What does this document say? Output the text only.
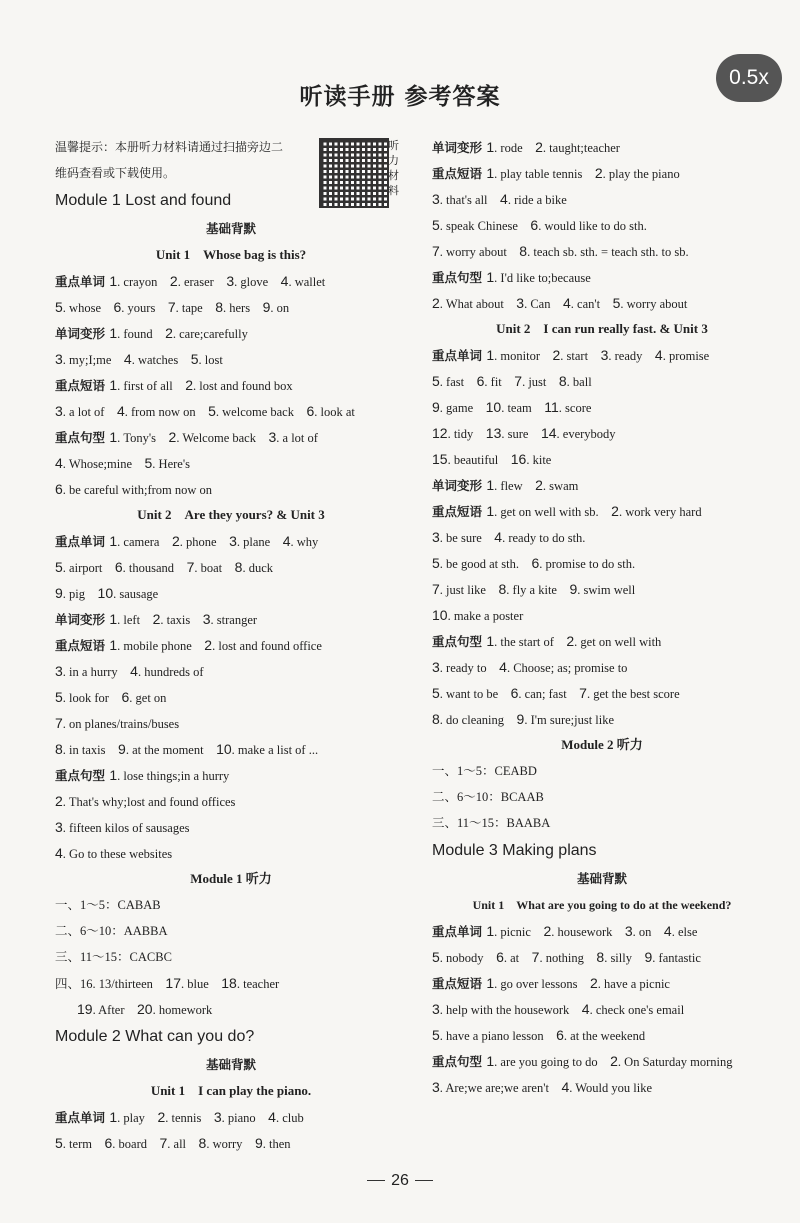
0.5x
听读手册 参考答案
听力材料
温馨提示：本册听力材料请通过扫描旁边二
维码查看或下载使用。
Module 1 Lost and found
基础背默
Unit 1　Whose bag is this?
重点单词 1. crayon　2. eraser　3. glove　4. wallet　
5. whose　6. yours　7. tape　8. hers　9. on　
单词变形 1. found　2. care;carefully　
3. my;I;me　4. watches　5. lost　
重点短语 1. first of all　2. lost and found box　
3. a lot of　4. from now on　5. welcome back　6. look at　
重点句型 1. Tony's　2. Welcome back　3. a lot of　
4. Whose;mine　5. Here's　
6. be careful with;from now on　
Unit 2　Are they yours? & Unit 3
重点单词 1. camera　2. phone　3. plane　4. why　
5. airport　6. thousand　7. boat　8. duck　
9. pig　10. sausage　
单词变形 1. left　2. taxis　3. stranger　
重点短语 1. mobile phone　2. lost and found office　
3. in a hurry　4. hundreds of　
5. look for　6. get on　
7. on planes/trains/buses　
8. in taxis　9. at the moment　10. make a list of ...　
重点句型 1. lose things;in a hurry　
2. That's why;lost and found offices　
3. fifteen kilos of sausages　
4. Go to these websites　
Module 1 听力
一、1～5：CABAB
二、6～10：AABBA
三、11～15：CACBC
四、16. 13/thirteen　17. blue　18. teacher　
19. After　20. homework　
Module 2 What can you do?
基础背默
Unit 1　I can play the piano.
重点单词 1. play　2. tennis　3. piano　4. club　
5. term　6. board　7. all　8. worry　9. then　
单词变形 1. rode　2. taught;teacher　
重点短语 1. play table tennis　2. play the piano　
3. that's all　4. ride a bike　
5. speak Chinese　6. would like to do sth.　
7. worry about　8. teach sb. sth. = teach sth. to sb.　
重点句型 1. I'd like to;because　
2. What about　3. Can　4. can't　5. worry about　
Unit 2　I can run really fast. & Unit 3
重点单词 1. monitor　2. start　3. ready　4. promise　
5. fast　6. fit　7. just　8. ball　
9. game　10. team　11. score　
12. tidy　13. sure　14. everybody　
15. beautiful　16. kite　
单词变形 1. flew　2. swam　
重点短语 1. get on well with sb.　2. work very hard　
3. be sure　4. ready to do sth.　
5. be good at sth.　6. promise to do sth.　
7. just like　8. fly a kite　9. swim well　
10. make a poster　
重点句型 1. the start of　2. get on well with　
3. ready to　4. Choose; as; promise to　
5. want to be　6. can; fast　7. get the best score　
8. do cleaning　9. I'm sure;just like　
Module 2 听力
一、1～5：CEABD
二、6～10：BCAAB
三、11～15：BAABA
Module 3 Making plans
基础背默
Unit 1　What are you going to do at the weekend?
重点单词 1. picnic　2. housework　3. on　4. else　
5. nobody　6. at　7. nothing　8. silly　9. fantastic　
重点短语 1. go over lessons　2. have a picnic　
3. help with the housework　4. check one's email　
5. have a piano lesson　6. at the weekend　
重点句型 1. are you going to do　2. On Saturday morning　
3. Are;we are;we aren't　4. Would you like　
26
